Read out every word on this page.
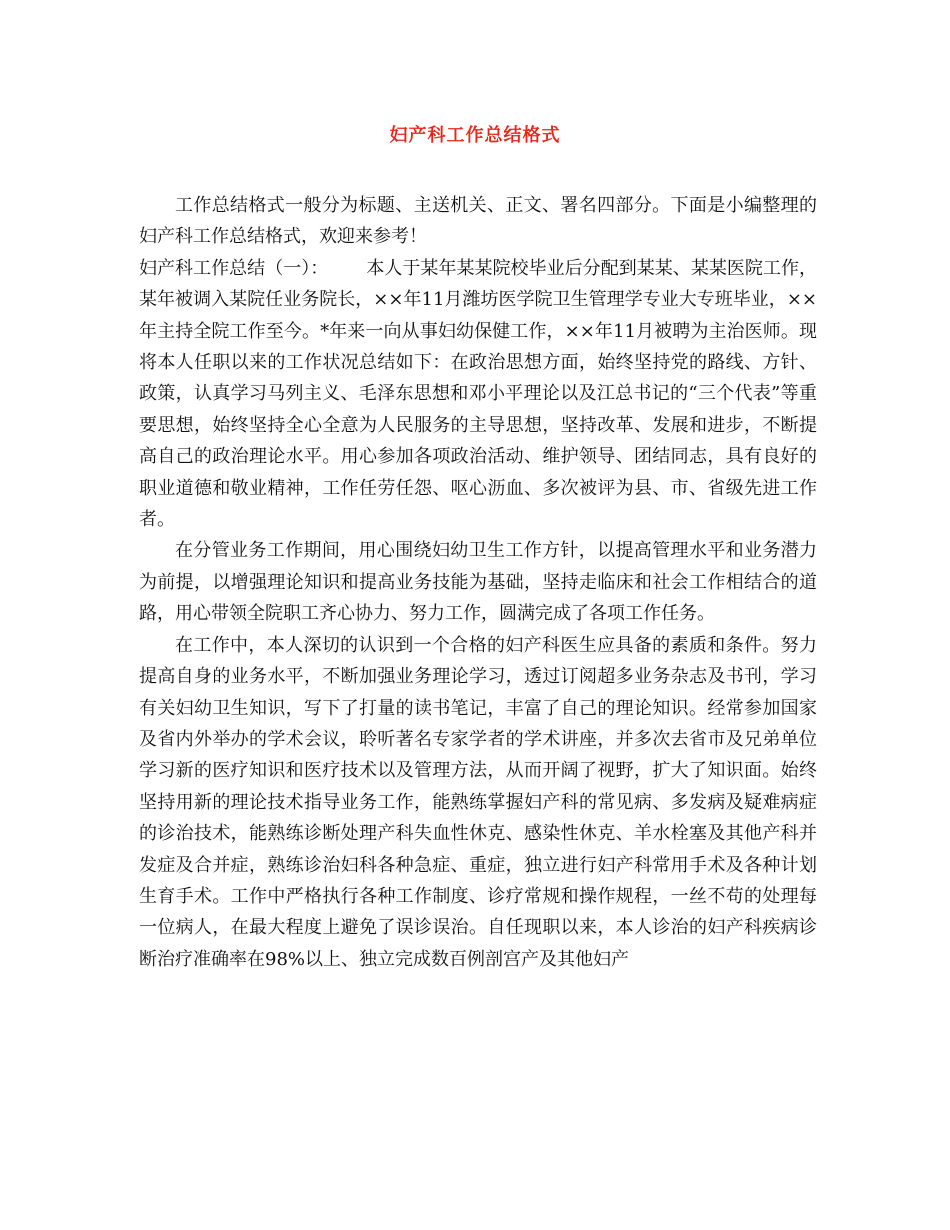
妇产科工作总结格式

工作总结格式一般分为标题、主送机关、正文、署名四部分。下面是小编整理的妇产科工作总结格式，欢迎来参考！

妇产科工作总结（一）： 本人于某年某某院校毕业后分配到某某、某某医院工作，某年被调入某院任业务院长，××年11月潍坊医学院卫生管理学专业大专班毕业，××年主持全院工作至今。*年来一向从事妇幼保健工作，××年11月被聘为主治医师。现将本人任职以来的工作状况总结如下：在政治思想方面，始终坚持党的路线、方针、政策，认真学习马列主义、毛泽东思想和邓小平理论以及江总书记的“三个代表”等重要思想，始终坚持全心全意为人民服务的主导思想，坚持改革、发展和进步，不断提高自己的政治理论水平。用心参加各项政治活动、维护领导、团结同志，具有良好的职业道德和敬业精神，工作任劳任怨、呕心沥血、多次被评为县、市、省级先进工作者。

在分管业务工作期间，用心围绕妇幼卫生工作方针，以提高管理水平和业务潜力为前提，以增强理论知识和提高业务技能为基础，坚持走临床和社会工作相结合的道路，用心带领全院职工齐心协力、努力工作，圆满完成了各项工作任务。

在工作中，本人深切的认识到一个合格的妇产科医生应具备的素质和条件。努力提高自身的业务水平，不断加强业务理论学习，透过订阅超多业务杂志及书刊，学习有关妇幼卫生知识，写下了打量的读书笔记，丰富了自己的理论知识。经常参加国家及省内外举办的学术会议，聆听著名专家学者的学术讲座，并多次去省市及兄弟单位学习新的医疗知识和医疗技术以及管理方法，从而开阔了视野，扩大了知识面。始终坚持用新的理论技术指导业务工作，能熟练掌握妇产科的常见病、多发病及疑难病症的诊治技术，能熟练诊断处理产科失血性休克、感染性休克、羊水栓塞及其他产科并发症及合并症，熟练诊治妇科各种急症、重症，独立进行妇产科常用手术及各种计划生育手术。工作中严格执行各种工作制度、诊疗常规和操作规程，一丝不苟的处理每一位病人，在最大程度上避免了误诊误治。自任现职以来，本人诊治的妇产科疾病诊断治疗准确率在98%以上、独立完成数百例剖宫产及其他妇产
